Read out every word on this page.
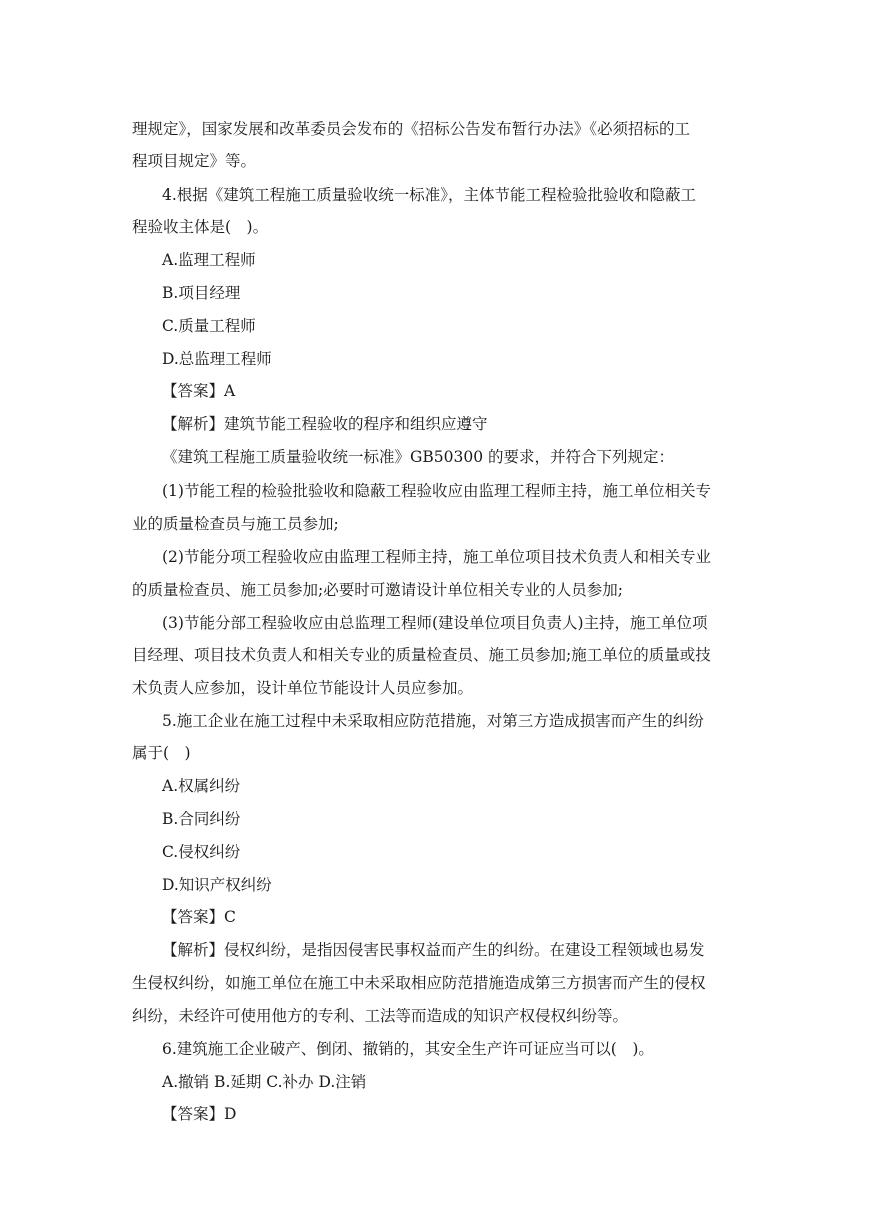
理规定》，国家发展和改革委员会发布的《招标公告发布暂行办法》《必须招标的工
程项目规定》等。
4.根据《建筑工程施工质量验收统一标准》，主体节能工程检验批验收和隐蔽工
程验收主体是(　)。
A.监理工程师
B.项目经理
C.质量工程师
D.总监理工程师
【答案】A
【解析】建筑节能工程验收的程序和组织应遵守
《建筑工程施工质量验收统一标准》GB50300 的要求，并符合下列规定：
(1)节能工程的检验批验收和隐蔽工程验收应由监理工程师主持，施工单位相关专
业的质量检查员与施工员参加;
(2)节能分项工程验收应由监理工程师主持，施工单位项目技术负责人和相关专业
的质量检查员、施工员参加;必要时可邀请设计单位相关专业的人员参加;
(3)节能分部工程验收应由总监理工程师(建设单位项目负责人)主持，施工单位项
目经理、项目技术负责人和相关专业的质量检查员、施工员参加;施工单位的质量或技
术负责人应参加，设计单位节能设计人员应参加。
5.施工企业在施工过程中未采取相应防范措施，对第三方造成损害而产生的纠纷
属于(　)
A.权属纠纷
B.合同纠纷
C.侵权纠纷
D.知识产权纠纷
【答案】C
【解析】侵权纠纷，是指因侵害民事权益而产生的纠纷。在建设工程领域也易发
生侵权纠纷，如施工单位在施工中未采取相应防范措施造成第三方损害而产生的侵权
纠纷，未经许可使用他方的专利、工法等而造成的知识产权侵权纠纷等。
6.建筑施工企业破产、倒闭、撤销的，其安全生产许可证应当可以(　)。
A.撤销 B.延期 C.补办 D.注销
【答案】D
